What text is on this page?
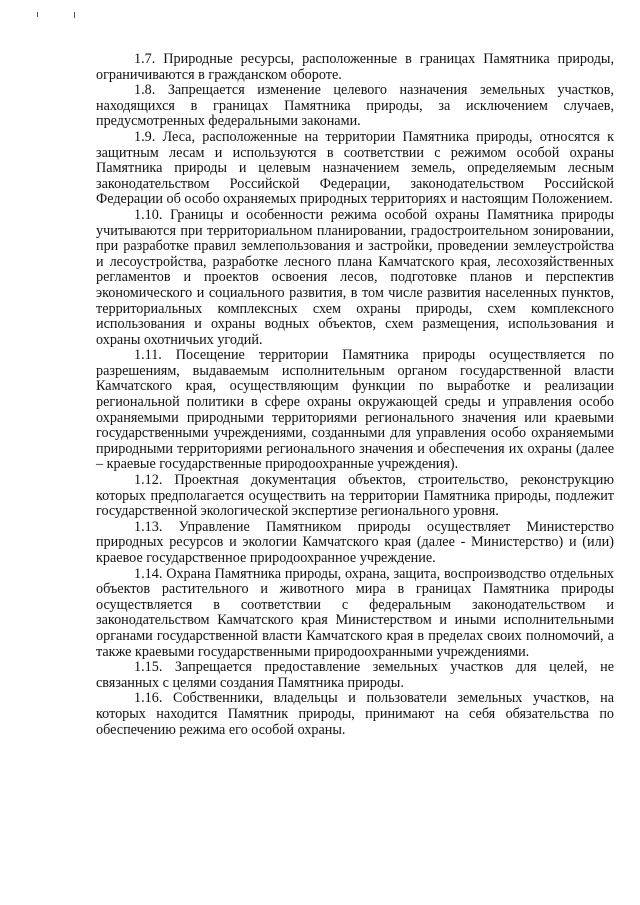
1.7. Природные ресурсы, расположенные в границах Памятника природы, ограничиваются в гражданском обороте.

1.8. Запрещается изменение целевого назначения земельных участков, находящихся в границах Памятника природы, за исключением случаев, предусмотренных федеральными законами.

1.9. Леса, расположенные на территории Памятника природы, относятся к защитным лесам и используются в соответствии с режимом особой охраны Памятника природы и целевым назначением земель, определяемым лесным законодательством Российской Федерации, законодательством Российской Федерации об особо охраняемых природных территориях и настоящим Положением.

1.10. Границы и особенности режима особой охраны Памятника природы учитываются при территориальном планировании, градостроительном зонировании, при разработке правил землепользования и застройки, проведении землеустройства и лесоустройства, разработке лесного плана Камчатского края, лесохозяйственных регламентов и проектов освоения лесов, подготовке планов и перспектив экономического и социального развития, в том числе развития населенных пунктов, территориальных комплексных схем охраны природы, схем комплексного использования и охраны водных объектов, схем размещения, использования и охраны охотничьих угодий.

1.11. Посещение территории Памятника природы осуществляется по разрешениям, выдаваемым исполнительным органом государственной власти Камчатского края, осуществляющим функции по выработке и реализации региональной политики в сфере охраны окружающей среды и управления особо охраняемыми природными территориями регионального значения или краевыми государственными учреждениями, созданными для управления особо охраняемыми природными территориями регионального значения и обеспечения их охраны (далее – краевые государственные природоохранные учреждения).

1.12. Проектная документация объектов, строительство, реконструкцию которых предполагается осуществить на территории Памятника природы, подлежит государственной экологической экспертизе регионального уровня.

1.13. Управление Памятником природы осуществляет Министерство природных ресурсов и экологии Камчатского края (далее - Министерство) и (или) краевое государственное природоохранное учреждение.

1.14. Охрана Памятника природы, охрана, защита, воспроизводство отдельных объектов растительного и животного мира в границах Памятника природы осуществляется в соответствии с федеральным законодательством и законодательством Камчатского края Министерством и иными исполнительными органами государственной власти Камчатского края в пределах своих полномочий, а также краевыми государственными природоохранными учреждениями.

1.15. Запрещается предоставление земельных участков для целей, не связанных с целями создания Памятника природы.

1.16. Собственники, владельцы и пользователи земельных участков, на которых находится Памятник природы, принимают на себя обязательства по обеспечению режима его особой охраны.
